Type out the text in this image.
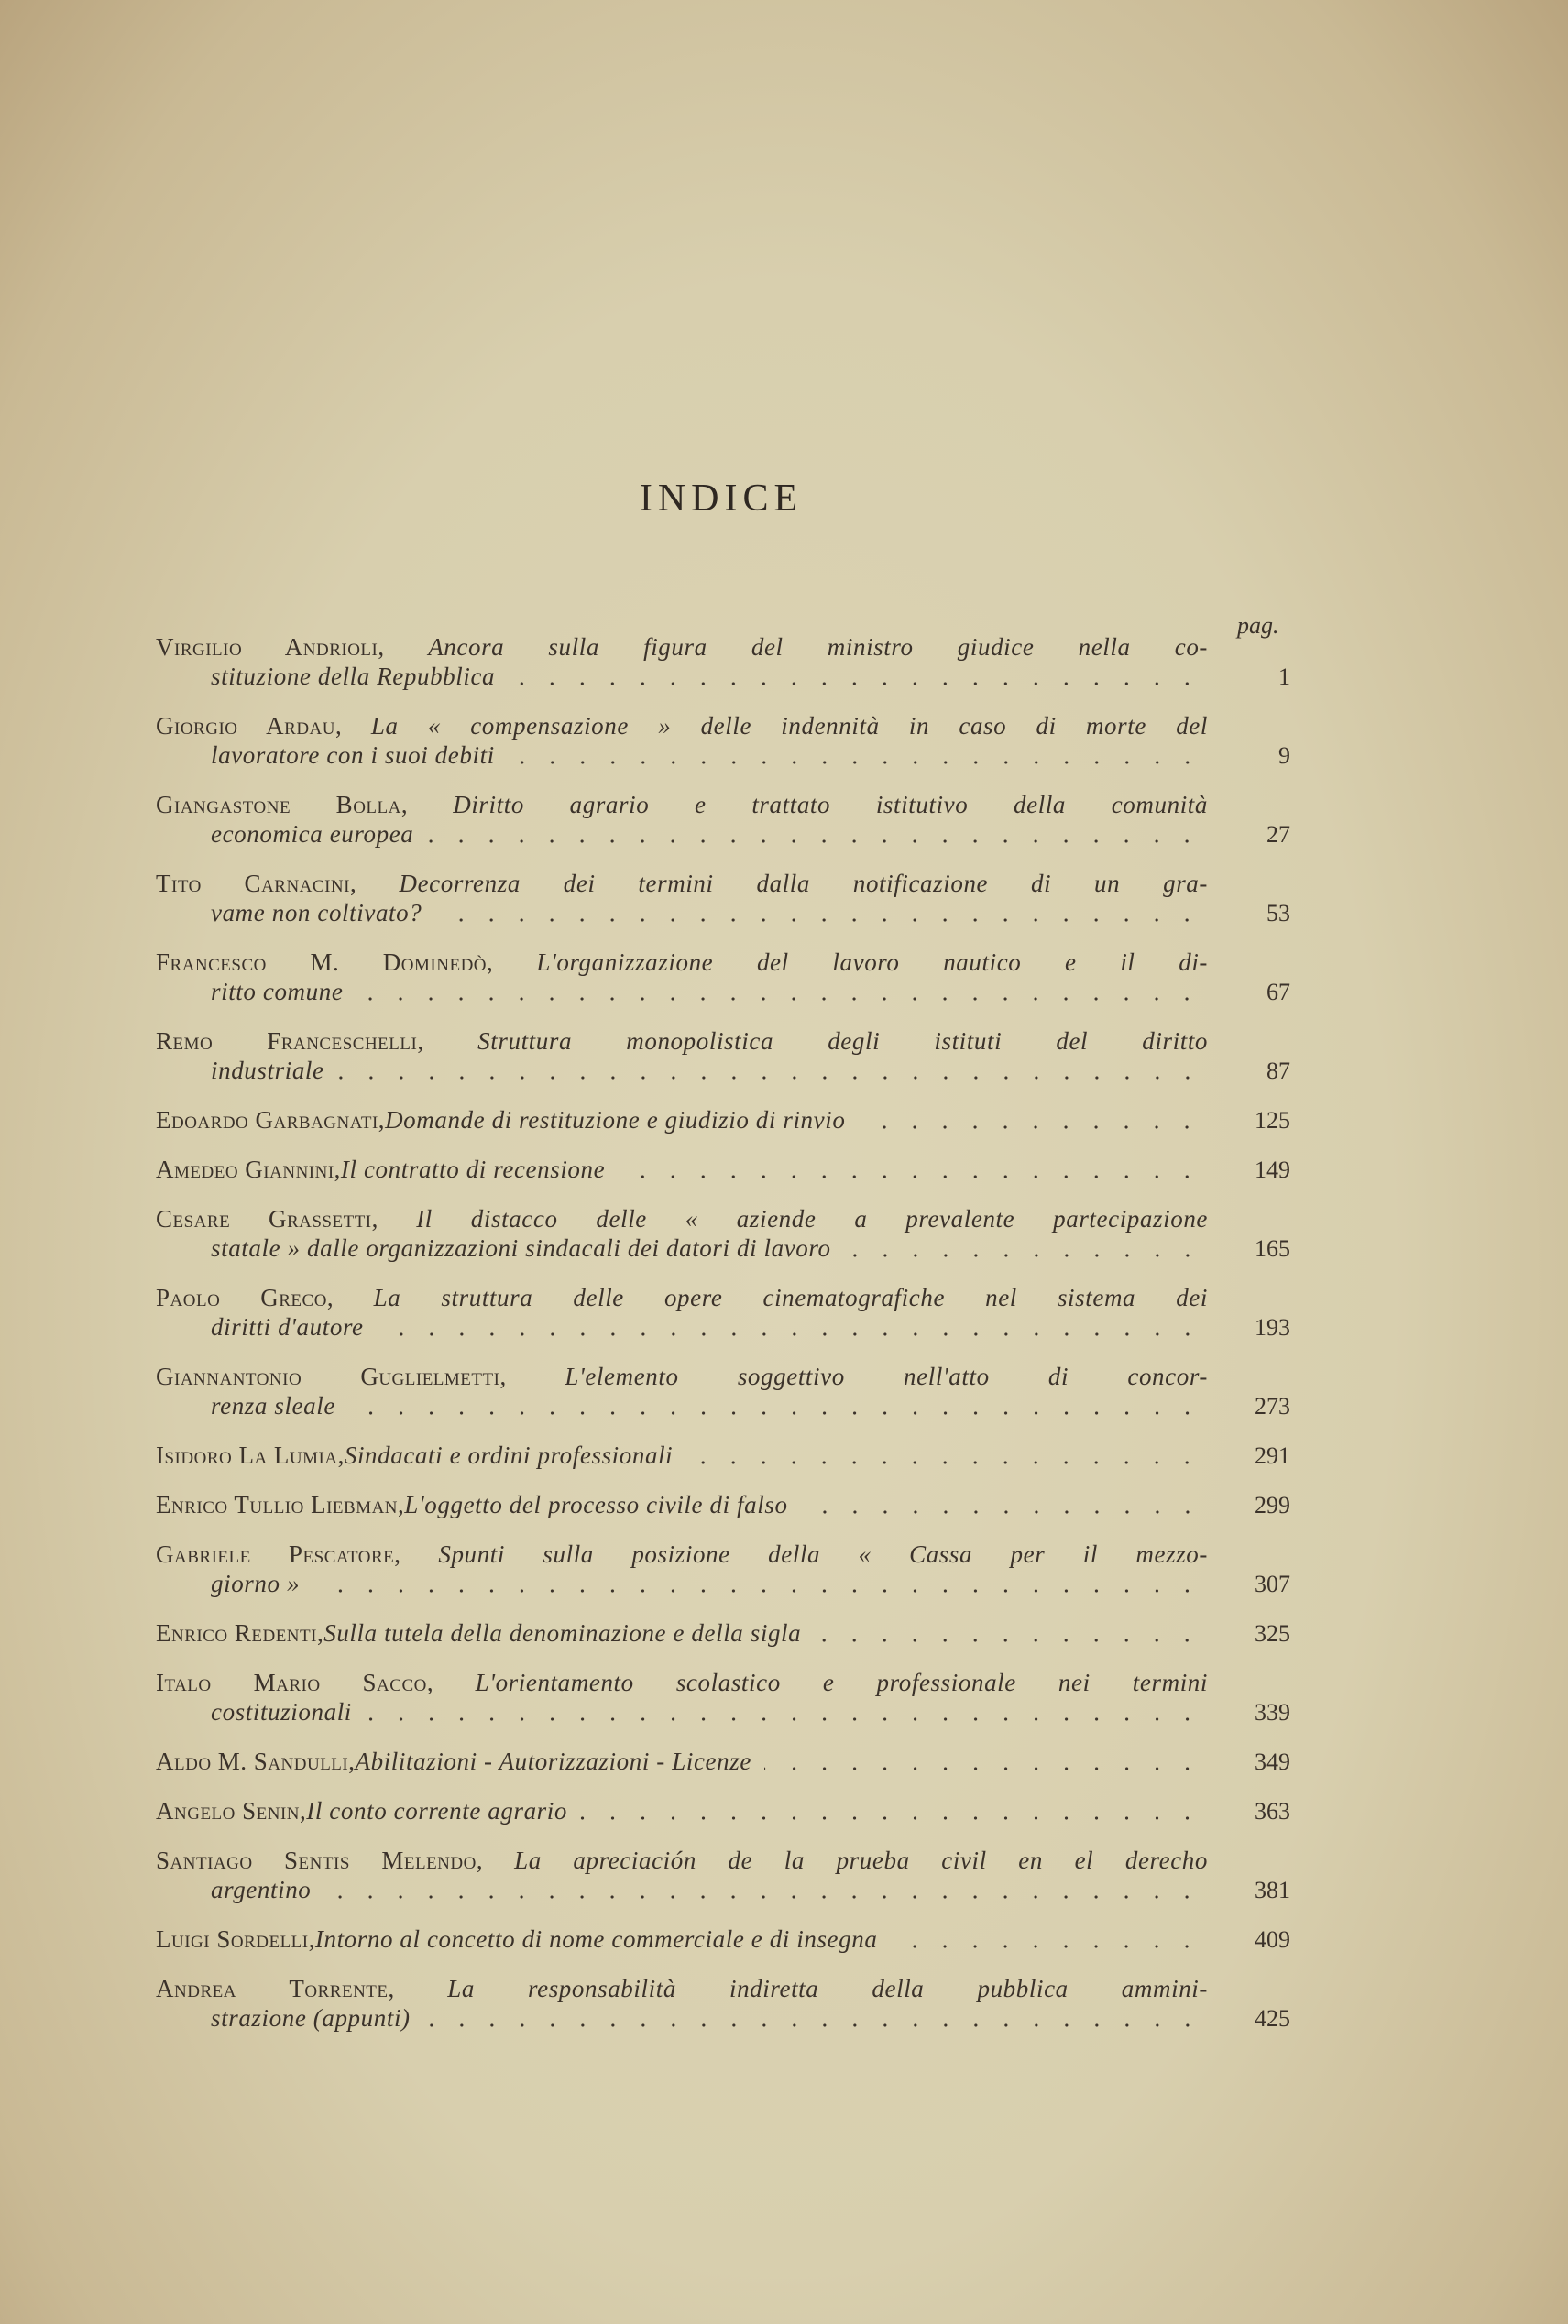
INDICE
pag.
Virgilio Andrioli, Ancora sulla figura del ministro giudice nella co-
stituzione della Repubblica	1
Giorgio Ardau, La « compensazione » delle indennità in caso di morte del
lavoratore con i suoi debiti	9
Giangastone Bolla, Diritto agrario e trattato istitutivo della comunità
economica europea	27
Tito Carnacini, Decorrenza dei termini dalla notificazione di un gra-
vame non coltivato?	53
Francesco M. Dominedò, L'organizzazione del lavoro nautico e il di-
ritto comune	67
Remo Franceschelli, Struttura monopolistica degli istituti del diritto
industriale	87
Edoardo Garbagnati, Domande di restituzione e giudizio di rinvio	125
Amedeo Giannini, Il contratto di recensione	149
Cesare Grassetti, Il distacco delle « aziende a prevalente partecipazione
statale » dalle organizzazioni sindacali dei datori di lavoro	165
Paolo Greco, La struttura delle opere cinematografiche nel sistema dei
diritti d'autore	193
Giannantonio Guglielmetti, L'elemento soggettivo nell'atto di concor-
renza sleale	273
Isidoro La Lumia, Sindacati e ordini professionali	291
Enrico Tullio Liebman, L'oggetto del processo civile di falso	299
Gabriele Pescatore, Spunti sulla posizione della « Cassa per il mezzo-
giorno »	307
Enrico Redenti, Sulla tutela della denominazione e della sigla	325
Italo Mario Sacco, L'orientamento scolastico e professionale nei termini
costituzionali	339
Aldo M. Sandulli, Abilitazioni - Autorizzazioni - Licenze	349
Angelo Senin, Il conto corrente agrario	363
Santiago Sentis Melendo, La apreciación de la prueba civil en el derecho
argentino	381
Luigi Sordelli, Intorno al concetto di nome commerciale e di insegna	409
Andrea Torrente, La responsabilità indiretta della pubblica ammini-
strazione (appunti)	425
